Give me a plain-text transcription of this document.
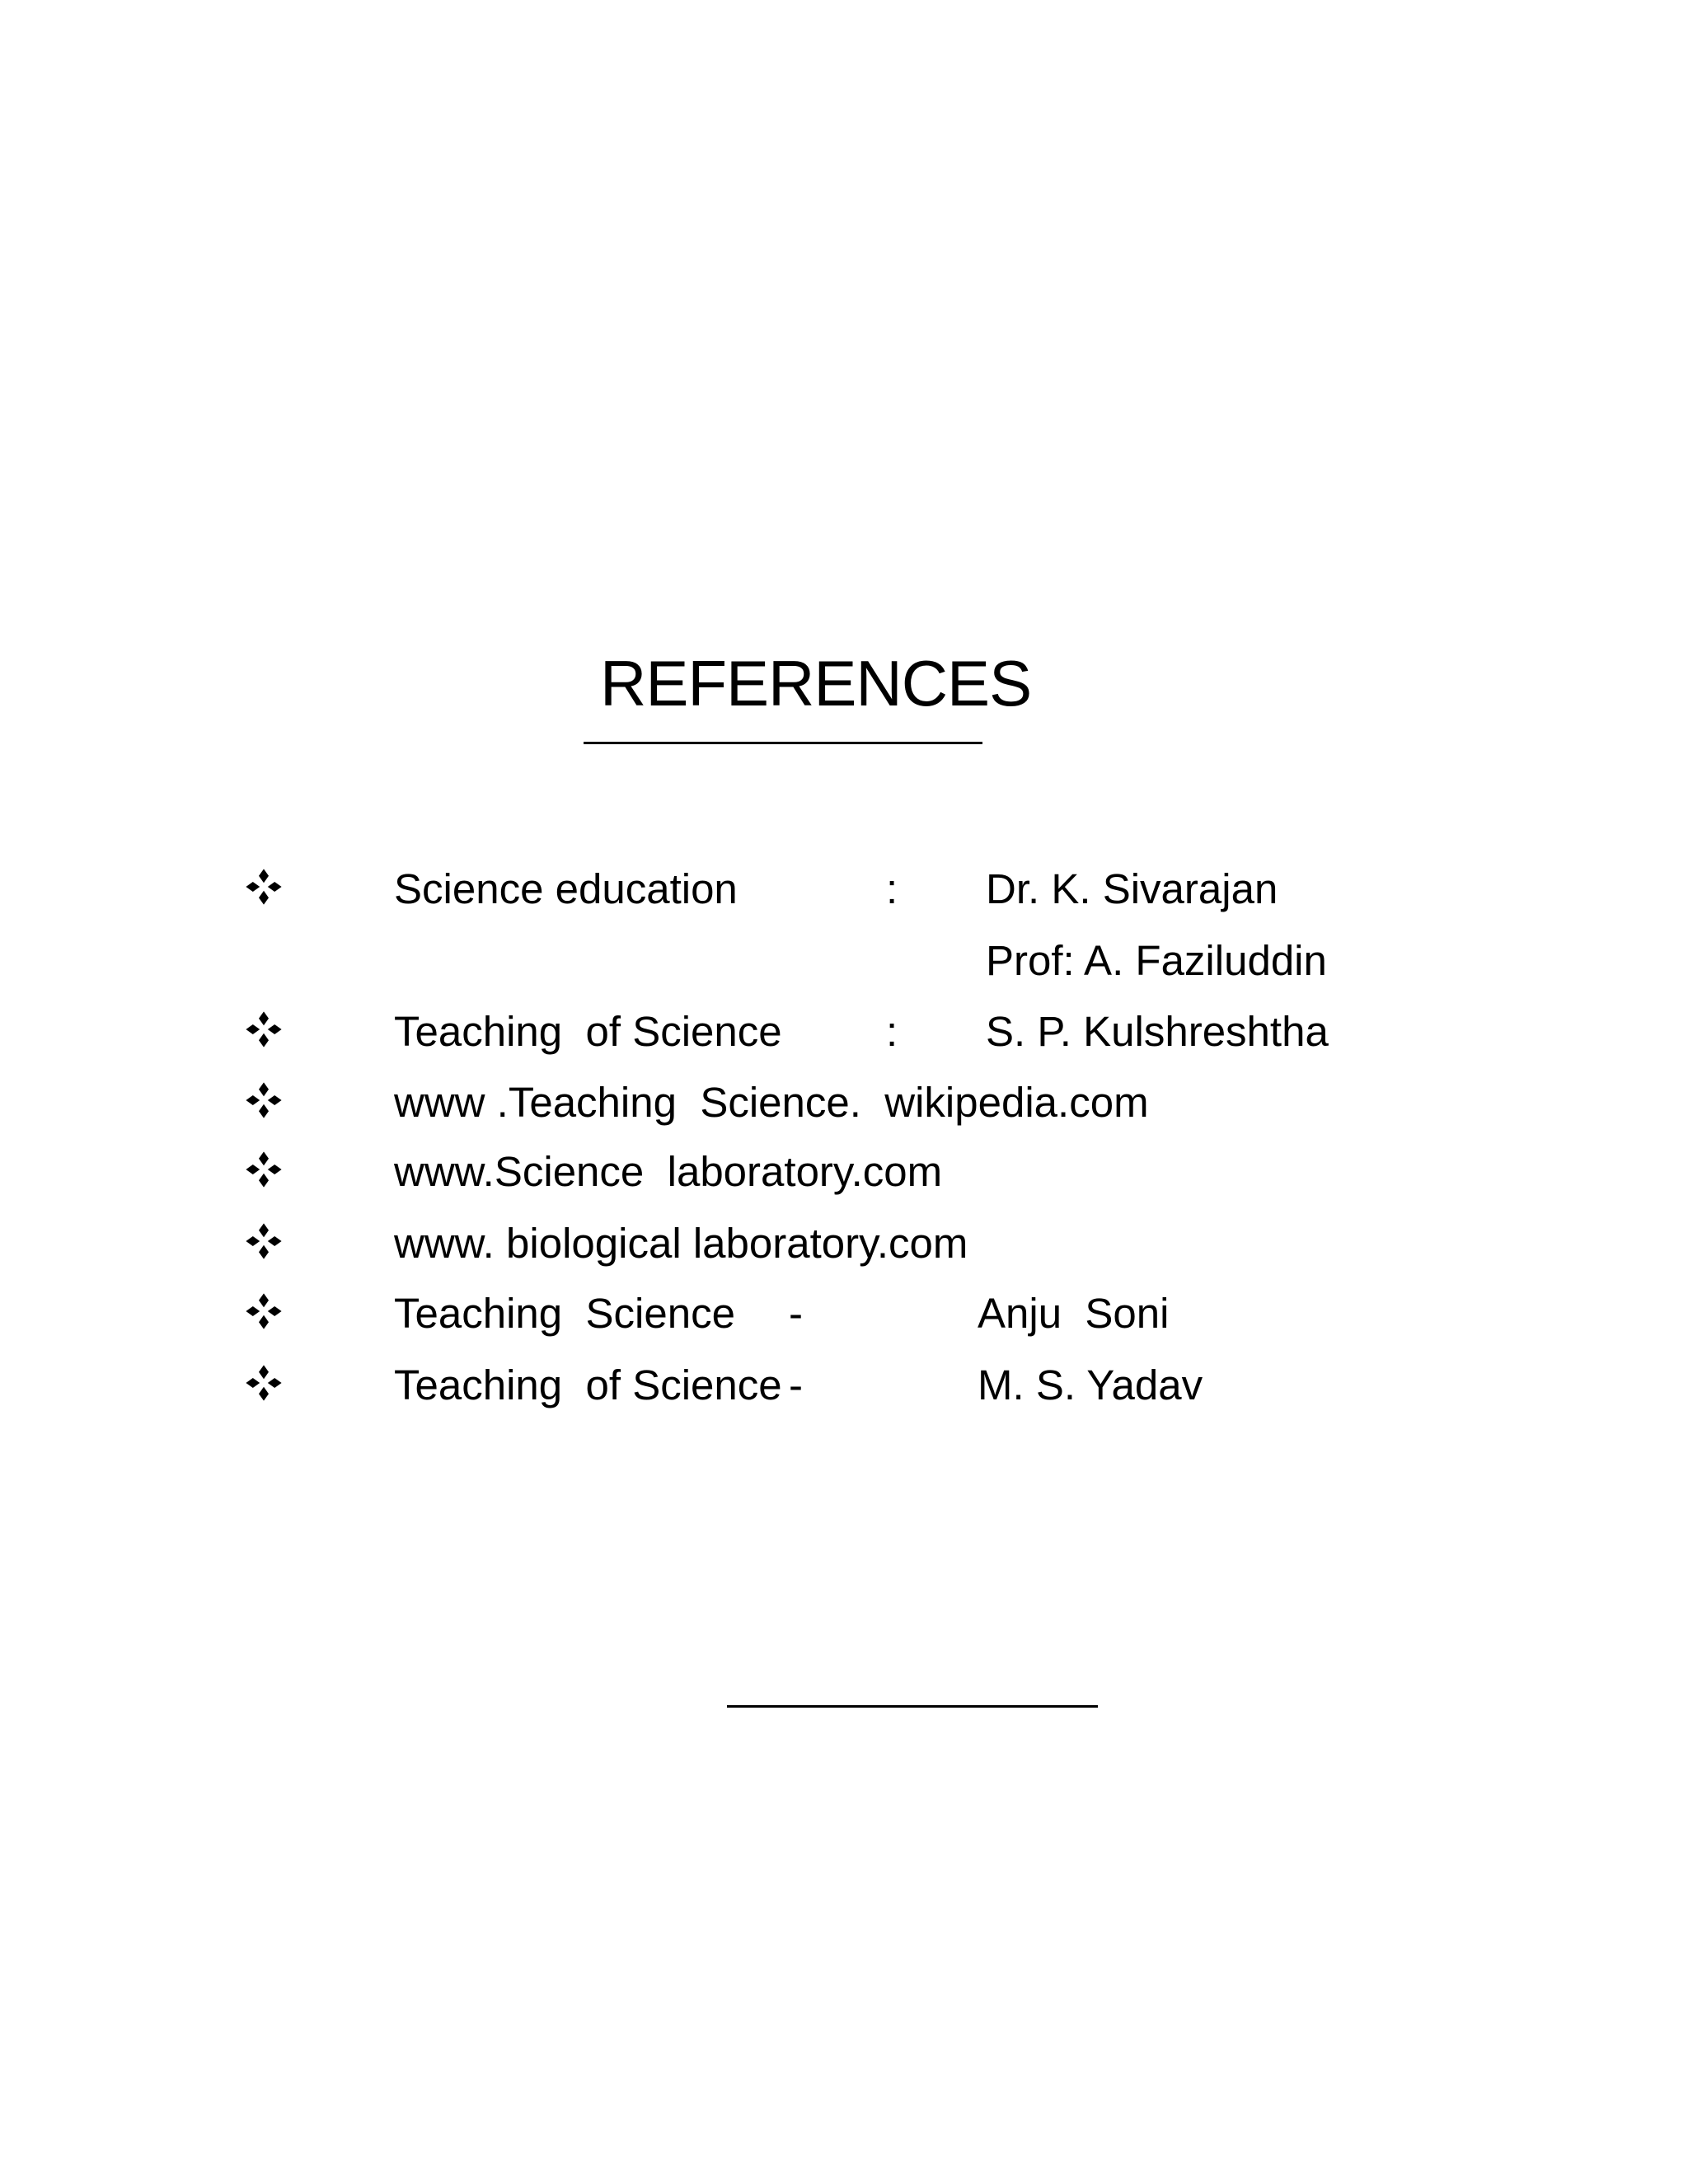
REFERENCES
Science education	: Dr. K. Sivarajan
Prof: A. Faziluddin
Teaching  of Science : S. P. Kulshreshtha
www .Teaching  Science.  wikipedia.com
www.Science  laboratory.com
www. biological laboratory.com
Teaching  Science -	Anju  Soni
Teaching  of Science -	M. S. Yadav
